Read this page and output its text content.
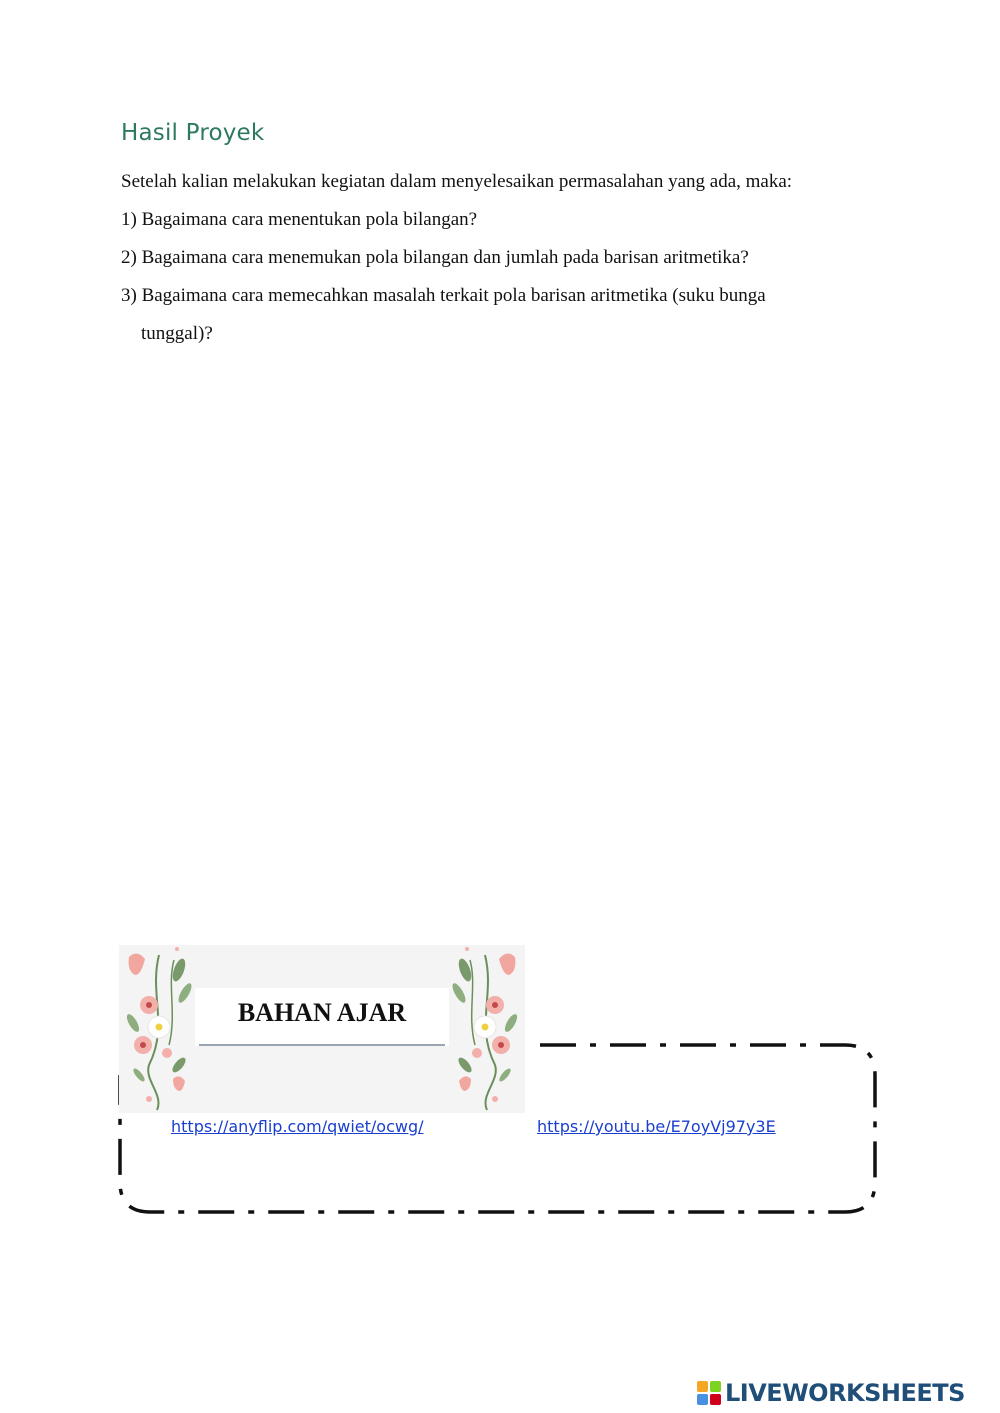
Hasil Proyek
Setelah kalian melakukan kegiatan dalam menyelesaikan permasalahan yang ada, maka:
1) Bagaimana cara menentukan pola bilangan?
2) Bagaimana cara menemukan pola bilangan dan jumlah pada barisan aritmetika?
3) Bagaimana cara memecahkan masalah terkait pola barisan aritmetika (suku bunga
tunggal)?
BAHAN AJAR
https://anyflip.com/qwiet/ocwg/	https://youtu.be/E7oyVj97y3E
LIVEWORKSHEETS
